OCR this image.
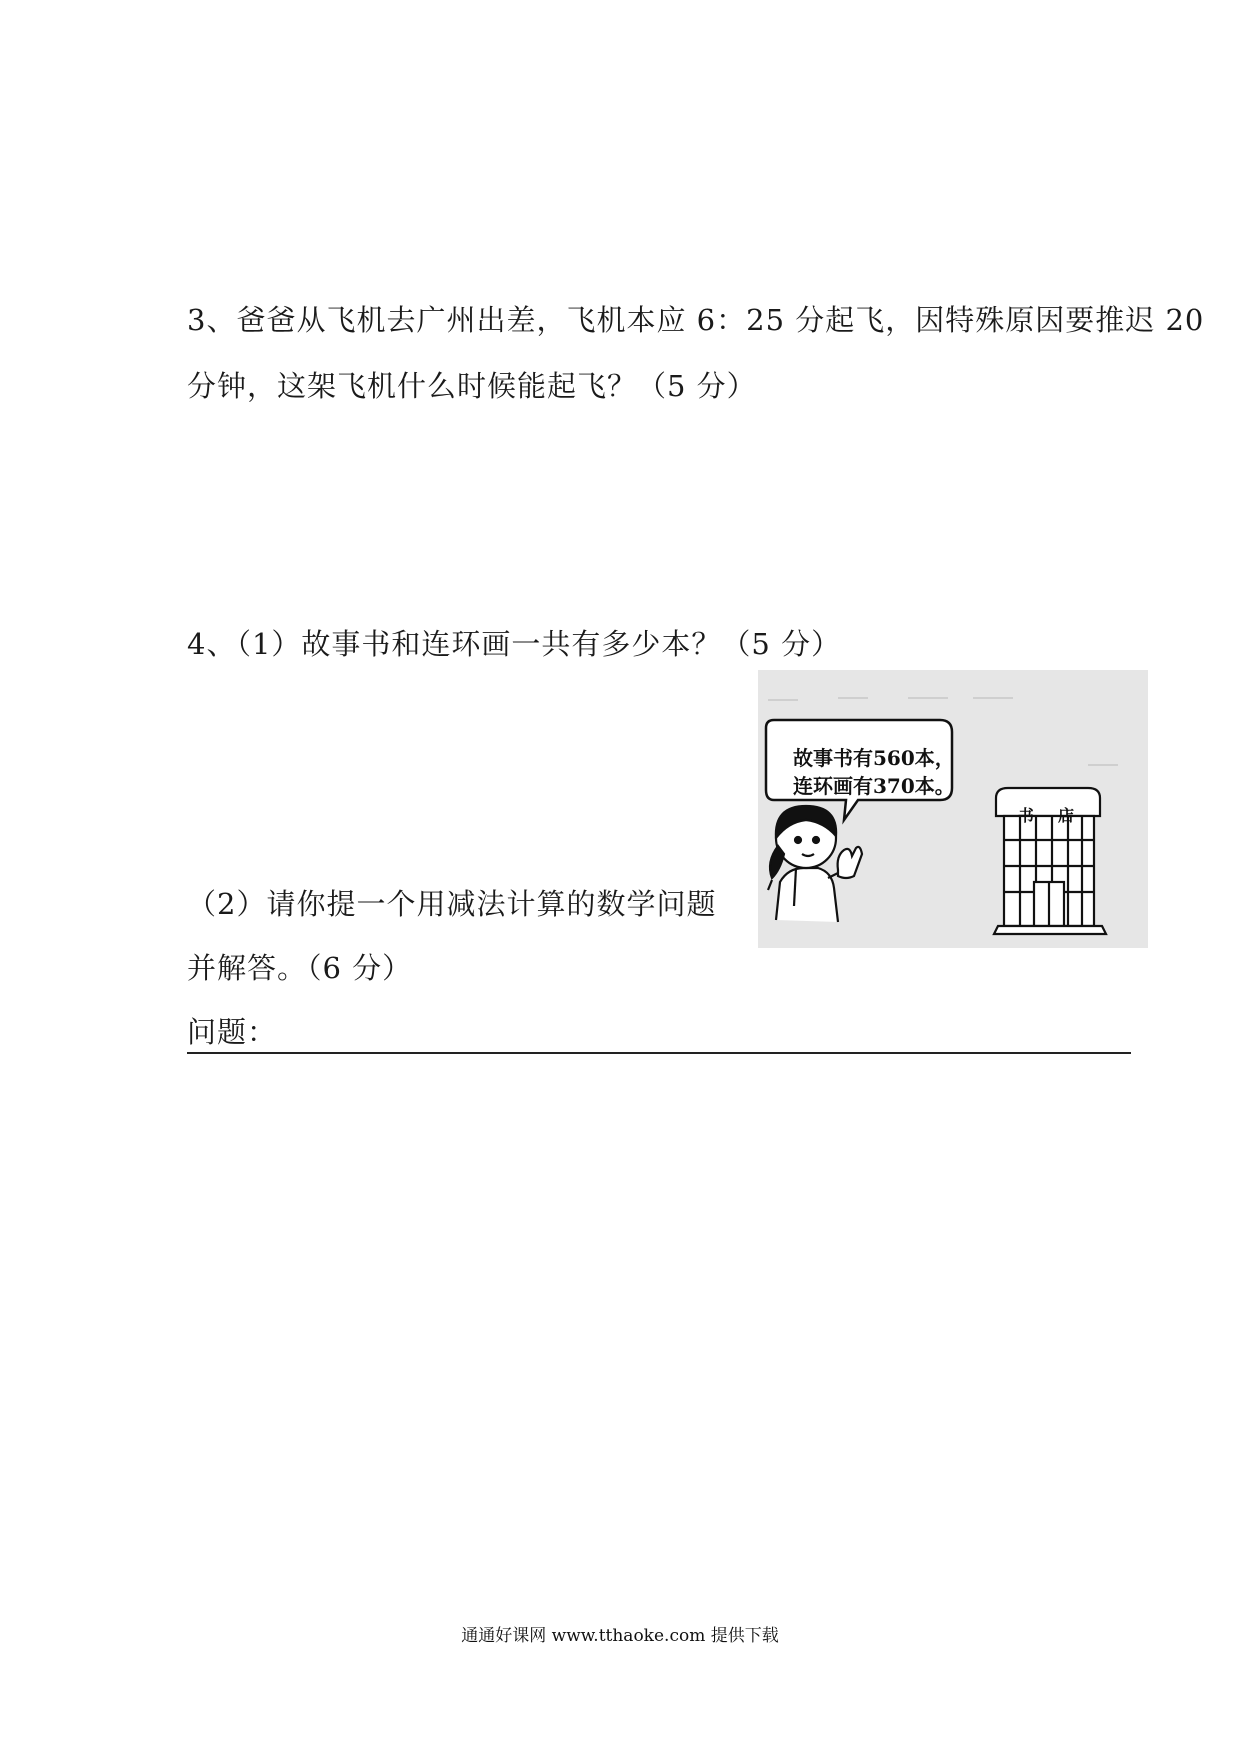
3、爸爸从飞机去广州出差，飞机本应 6：25 分起飞，因特殊原因要推迟 20
分钟，这架飞机什么时候能起飞？（5 分）
4、（1）故事书和连环画一共有多少本？（5 分）
故事书有560本，
连环画有370本。
书店
（2）请你提一个用减法计算的数学问题
并解答。（6 分）
问题：
通通好课网 www.tthaoke.com 提供下载
